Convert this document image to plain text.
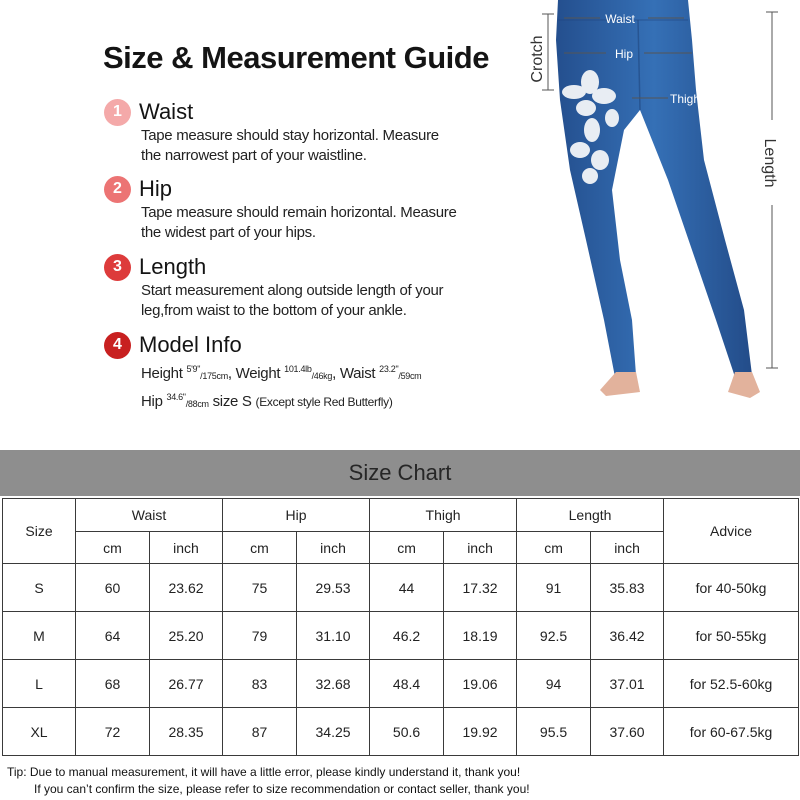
Size & Measurement Guide
1 Waist
Tape measure should stay horizontal. Measure
the narrowest part of your waistline.
2 Hip
Tape measure should remain horizontal. Measure
the widest part of your hips.
3 Length
Start measurement along outside length of your
leg,from waist to the bottom of your ankle.
4 Model Info
Height $^{5'9"}_{/175cm}$, Weight $^{101.4lb}_{/46kg}$, Waist $^{23.2"}_{/59cm}$
Hip $^{34.6"}_{/88cm}$ size S (Except style Red Butterfly)
Waist
Hip
Thigh
Crotch
Length
Size Chart
Size	Waist		Hip		Thigh		Length		Advice
	cm	inch	cm	inch	cm	inch	cm	inch	
S	60	23.62	75	29.53	44	17.32	91	35.83	for 40-50kg
M	64	25.20	79	31.10	46.2	18.19	92.5	36.42	for 50-55kg
L	68	26.77	83	32.68	48.4	19.06	94	37.01	for 52.5-60kg
XL	72	28.35	87	34.25	50.6	19.92	95.5	37.60	for 60-67.5kg
Tip: Due to manual measurement, it will have a little error, please kindly understand it, thank you!
If you can’t confirm the size, please refer to size recommendation or contact seller, thank you!
